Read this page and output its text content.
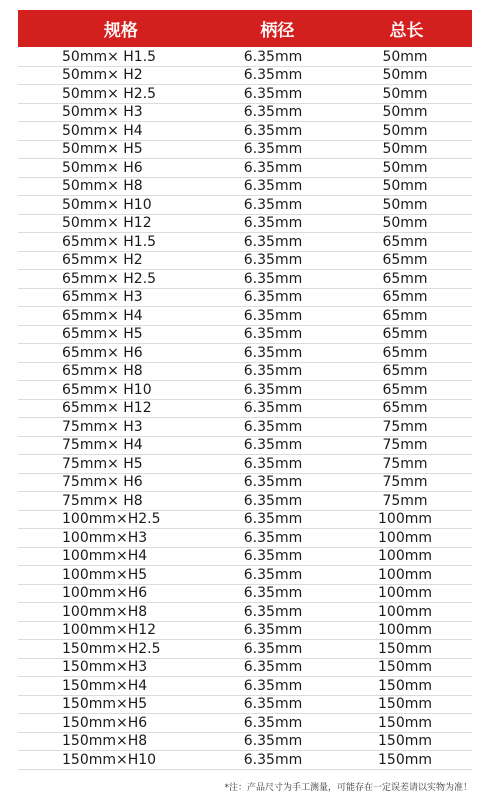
规格	柄径	总长
50mm× H1.5	6.35mm	50mm
50mm× H2	6.35mm	50mm
50mm× H2.5	6.35mm	50mm
50mm× H3	6.35mm	50mm
50mm× H4	6.35mm	50mm
50mm× H5	6.35mm	50mm
50mm× H6	6.35mm	50mm
50mm× H8	6.35mm	50mm
50mm× H10	6.35mm	50mm
50mm× H12	6.35mm	50mm
65mm× H1.5	6.35mm	65mm
65mm× H2	6.35mm	65mm
65mm× H2.5	6.35mm	65mm
65mm× H3	6.35mm	65mm
65mm× H4	6.35mm	65mm
65mm× H5	6.35mm	65mm
65mm× H6	6.35mm	65mm
65mm× H8	6.35mm	65mm
65mm× H10	6.35mm	65mm
65mm× H12	6.35mm	65mm
75mm× H3	6.35mm	75mm
75mm× H4	6.35mm	75mm
75mm× H5	6.35mm	75mm
75mm× H6	6.35mm	75mm
75mm× H8	6.35mm	75mm
100mm×H2.5	6.35mm	100mm
100mm×H3	6.35mm	100mm
100mm×H4	6.35mm	100mm
100mm×H5	6.35mm	100mm
100mm×H6	6.35mm	100mm
100mm×H8	6.35mm	100mm
100mm×H12	6.35mm	100mm
150mm×H2.5	6.35mm	150mm
150mm×H3	6.35mm	150mm
150mm×H4	6.35mm	150mm
150mm×H5	6.35mm	150mm
150mm×H6	6.35mm	150mm
150mm×H8	6.35mm	150mm
150mm×H10	6.35mm	150mm
*注：产品尺寸为手工测量，可能存在一定误差请以实物为准！
